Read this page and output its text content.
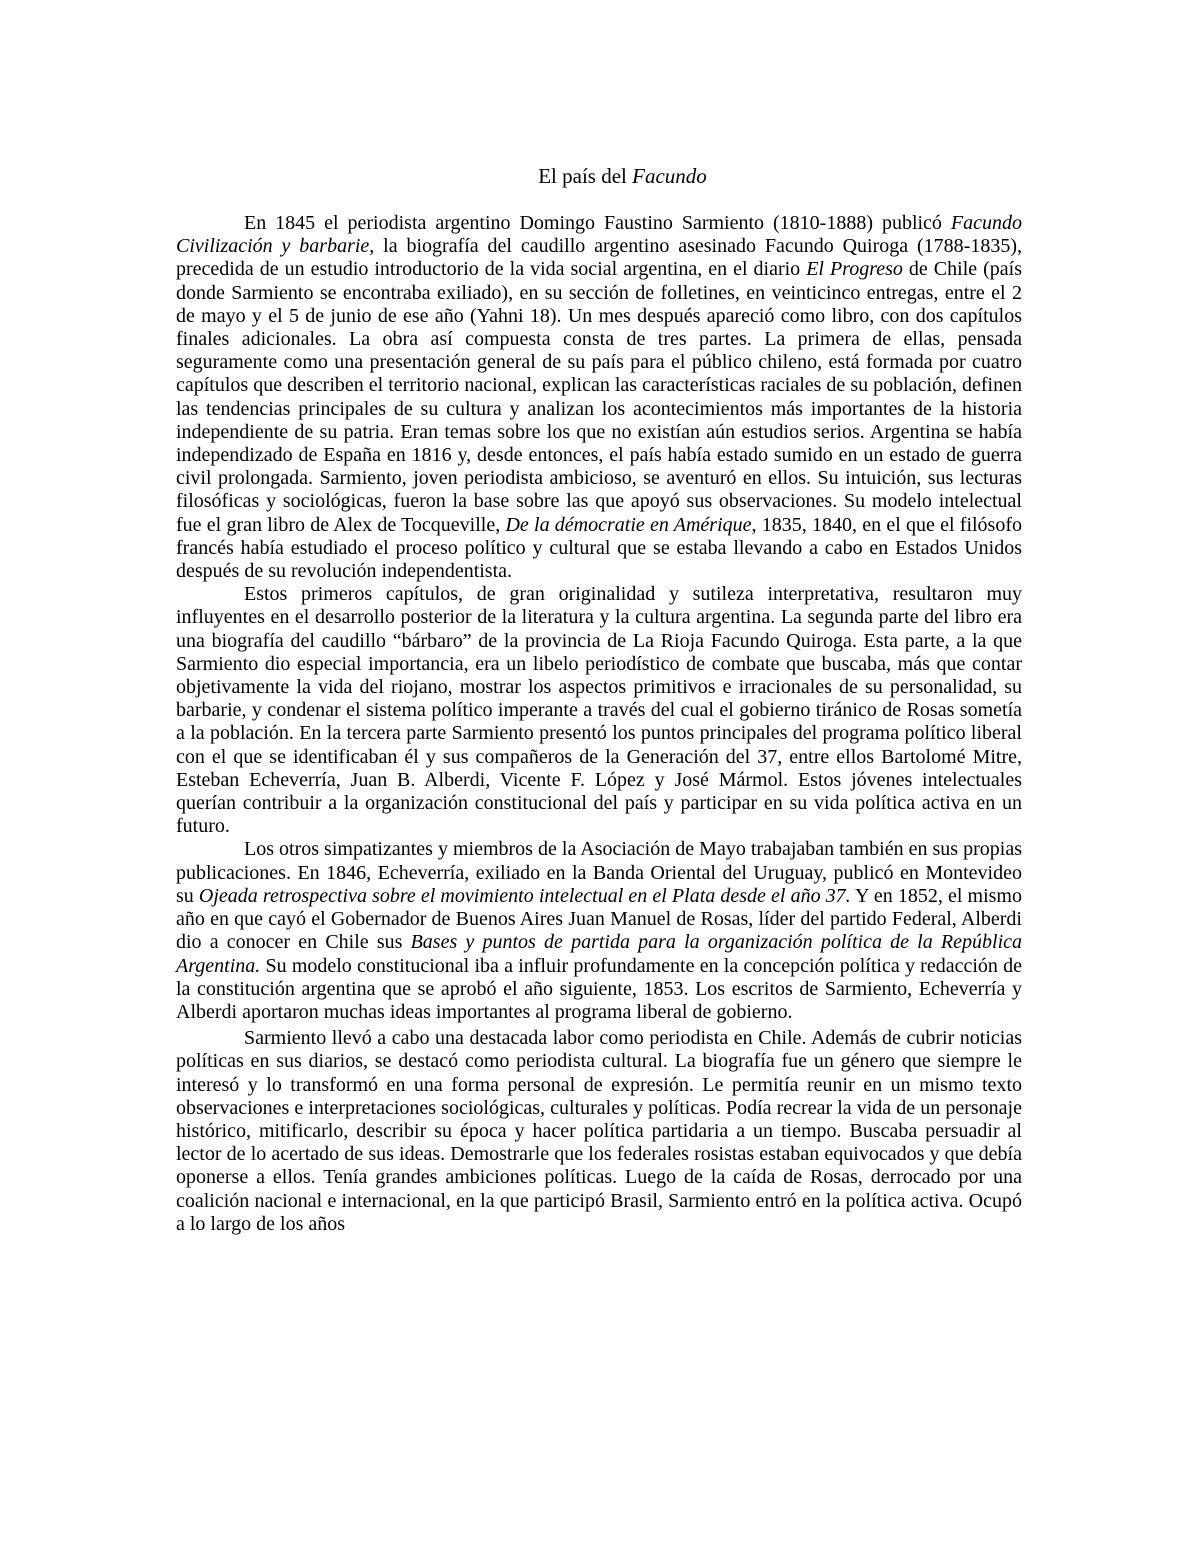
El país del Facundo

En 1845 el periodista argentino Domingo Faustino Sarmiento (1810-1888) publicó Facundo Civilización y barbarie, la biografía del caudillo argentino asesinado Facundo Quiroga (1788-1835), precedida de un estudio introductorio de la vida social argentina, en el diario El Progreso de Chile (país donde Sarmiento se encontraba exiliado), en su sección de folletines, en veinticinco entregas, entre el 2 de mayo y el 5 de junio de ese año (Yahni 18). Un mes después apareció como libro, con dos capítulos finales adicionales. La obra así compuesta consta de tres partes. La primera de ellas, pensada seguramente como una presentación general de su país para el público chileno, está formada por cuatro capítulos que describen el territorio nacional, explican las características raciales de su población, definen las tendencias principales de su cultura y analizan los acontecimientos más importantes de la historia independiente de su patria. Eran temas sobre los que no existían aún estudios serios. Argentina se había independizado de España en 1816 y, desde entonces, el país había estado sumido en un estado de guerra civil prolongada. Sarmiento, joven periodista ambicioso, se aventuró en ellos. Su intuición, sus lecturas filosóficas y sociológicas, fueron la base sobre las que apoyó sus observaciones. Su modelo intelectual fue el gran libro de Alex de Tocqueville, De la démocratie en Amérique, 1835, 1840, en el que el filósofo francés había estudiado el proceso político y cultural que se estaba llevando a cabo en Estados Unidos después de su revolución independentista.

Estos primeros capítulos, de gran originalidad y sutileza interpretativa, resultaron muy influyentes en el desarrollo posterior de la literatura y la cultura argentina. La segunda parte del libro era una biografía del caudillo “bárbaro” de la provincia de La Rioja Facundo Quiroga. Esta parte, a la que Sarmiento dio especial importancia, era un libelo periodístico de combate que buscaba, más que contar objetivamente la vida del riojano, mostrar los aspectos primitivos e irracionales de su personalidad, su barbarie, y condenar el sistema político imperante a través del cual el gobierno tiránico de Rosas sometía a la población. En la tercera parte Sarmiento presentó los puntos principales del programa político liberal con el que se identificaban él y sus compañeros de la Generación del 37, entre ellos Bartolomé Mitre, Esteban Echeverría, Juan B. Alberdi, Vicente F. López y José Mármol. Estos jóvenes intelectuales querían contribuir a la organización constitucional del país y participar en su vida política activa en un futuro.

Los otros simpatizantes y miembros de la Asociación de Mayo trabajaban también en sus propias publicaciones. En 1846, Echeverría, exiliado en la Banda Oriental del Uruguay, publicó en Montevideo su Ojeada retrospectiva sobre el movimiento intelectual en el Plata desde el año 37. Y en 1852, el mismo año en que cayó el Gobernador de Buenos Aires Juan Manuel de Rosas, líder del partido Federal, Alberdi dio a conocer en Chile sus Bases y puntos de partida para la organización política de la República Argentina. Su modelo constitucional iba a influir profundamente en la concepción política y redacción de la constitución argentina que se aprobó el año siguiente, 1853. Los escritos de Sarmiento, Echeverría y Alberdi aportaron muchas ideas importantes al programa liberal de gobierno.

Sarmiento llevó a cabo una destacada labor como periodista en Chile. Además de cubrir noticias políticas en sus diarios, se destacó como periodista cultural. La biografía fue un género que siempre le interesó y lo transformó en una forma personal de expresión. Le permitía reunir en un mismo texto observaciones e interpretaciones sociológicas, culturales y políticas. Podía recrear la vida de un personaje histórico, mitificarlo, describir su época y hacer política partidaria a un tiempo. Buscaba persuadir al lector de lo acertado de sus ideas. Demostrarle que los federales rosistas estaban equivocados y que debía oponerse a ellos. Tenía grandes ambiciones políticas. Luego de la caída de Rosas, derrocado por una coalición nacional e internacional, en la que participó Brasil, Sarmiento entró en la política activa. Ocupó a lo largo de los años
